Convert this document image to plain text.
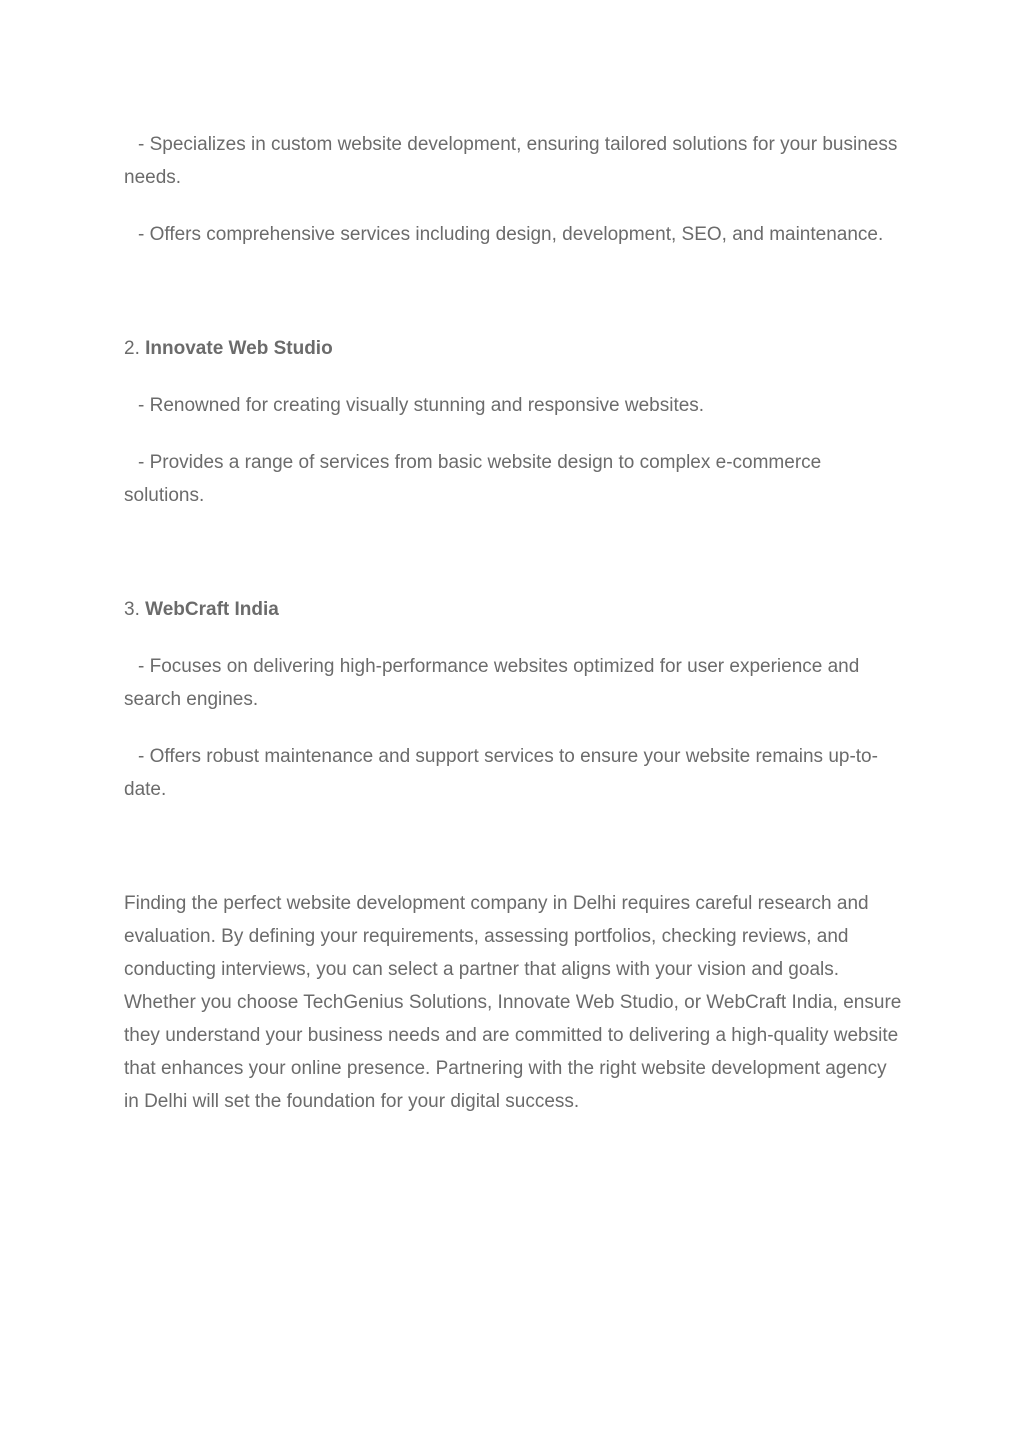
- Specializes in custom website development, ensuring tailored solutions for your business needs.

- Offers comprehensive services including design, development, SEO, and maintenance.

2. Innovate Web Studio

- Renowned for creating visually stunning and responsive websites.

- Provides a range of services from basic website design to complex e-commerce solutions.

3. WebCraft India

- Focuses on delivering high-performance websites optimized for user experience and search engines.

- Offers robust maintenance and support services to ensure your website remains up-to-date.

Finding the perfect website development company in Delhi requires careful research and evaluation. By defining your requirements, assessing portfolios, checking reviews, and conducting interviews, you can select a partner that aligns with your vision and goals. Whether you choose TechGenius Solutions, Innovate Web Studio, or WebCraft India, ensure they understand your business needs and are committed to delivering a high-quality website that enhances your online presence. Partnering with the right website development agency in Delhi will set the foundation for your digital success.
